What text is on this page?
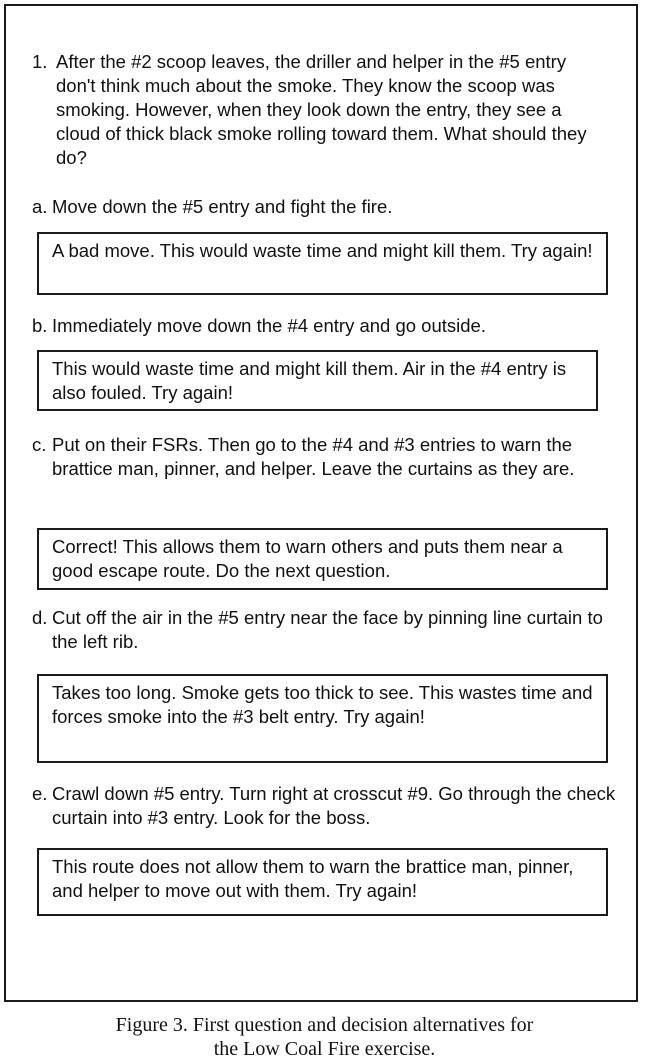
1. After the #2 scoop leaves, the driller and helper in the #5 entry don't think much about the smoke. They know the scoop was smoking. However, when they look down the entry, they see a cloud of thick black smoke rolling toward them. What should they do?
a. Move down the #5 entry and fight the fire.
A bad move. This would waste time and might kill them. Try again!
b. Immediately move down the #4 entry and go outside.
This would waste time and might kill them. Air in the #4 entry is also fouled. Try again!
c. Put on their FSRs. Then go to the #4 and #3 entries to warn the brattice man, pinner, and helper. Leave the curtains as they are.
Correct! This allows them to warn others and puts them near a good escape route. Do the next question.
d. Cut off the air in the #5 entry near the face by pinning line curtain to the left rib.
Takes too long. Smoke gets too thick to see. This wastes time and forces smoke into the #3 belt entry. Try again!
e. Crawl down #5 entry. Turn right at crosscut #9. Go through the check curtain into #3 entry. Look for the boss.
This route does not allow them to warn the brattice man, pinner, and helper to move out with them. Try again!
Figure 3. First question and decision alternatives for
the Low Coal Fire exercise.
